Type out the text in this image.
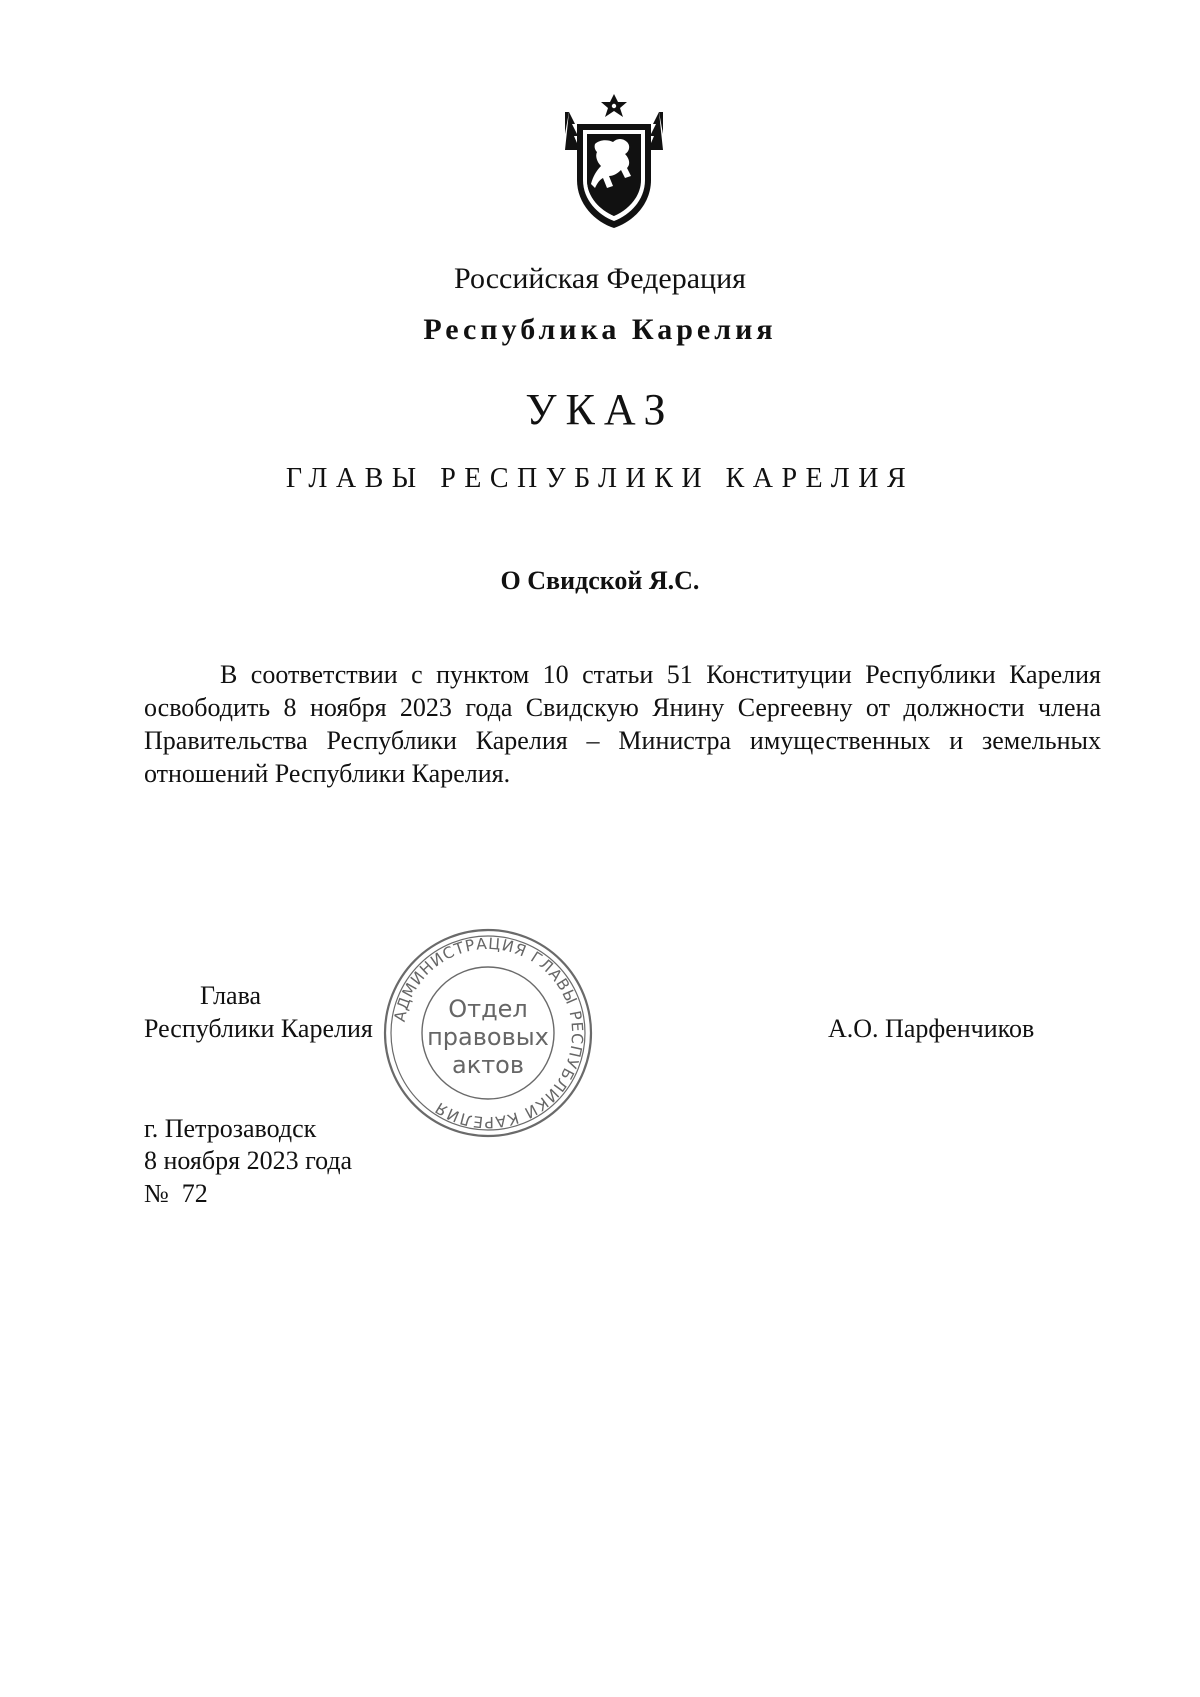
Российская Федерация
Республика Карелия
УКАЗ
ГЛАВЫ РЕСПУБЛИКИ КАРЕЛИЯ
О Свидской Я.С.
В соответствии с пунктом 10 статьи 51 Конституции Республики Карелия освободить 8 ноября 2023 года Свидскую Янину Сергеевну от должности члена Правительства Республики Карелия – Министра имущественных и земельных отношений Республики Карелия.
Глава
Республики Карелия	А.О. Парфенчиков
АДМИНИСТРАЦИЯ ГЛАВЫ РЕСПУБЛИКИ КАРЕЛИЯ
Отдел
правовых
актов
г. Петрозаводск
8 ноября 2023 года
№  72
